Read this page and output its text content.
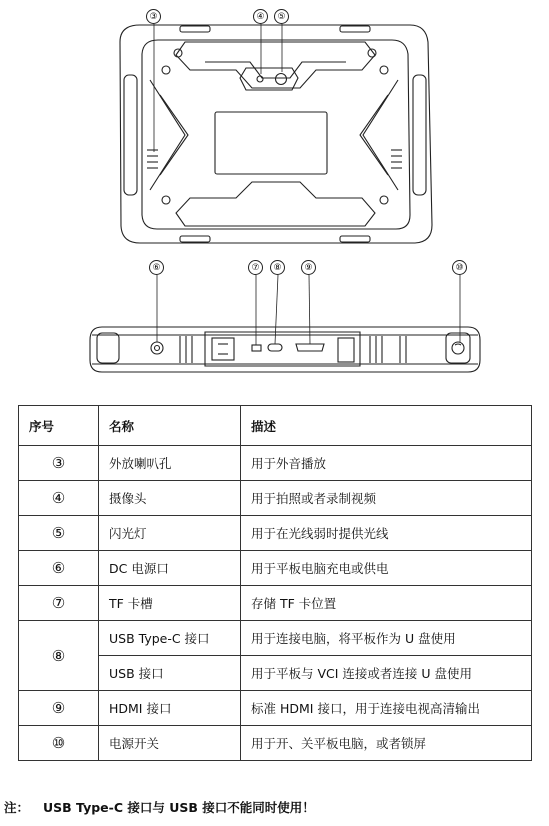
③	④	⑤
⑥	⑦	⑧	⑨	⑩
序号	名称	描述
③	外放喇叭孔	用于外音播放
④	摄像头	用于拍照或者录制视频
⑤	闪光灯	用于在光线弱时提供光线
⑥	DC 电源口	用于平板电脑充电或供电
⑦	TF 卡槽	存储 TF 卡位置
⑧	USB Type-C 接口	用于连接电脑，将平板作为 U 盘使用
	USB 接口	用于平板与 VCI 连接或者连接 U 盘使用
⑨	HDMI 接口	标准 HDMI 接口，用于连接电视高清输出
⑩	电源开关	用于开、关平板电脑，或者锁屏
注： USB Type-C 接口与 USB 接口不能同时使用！
